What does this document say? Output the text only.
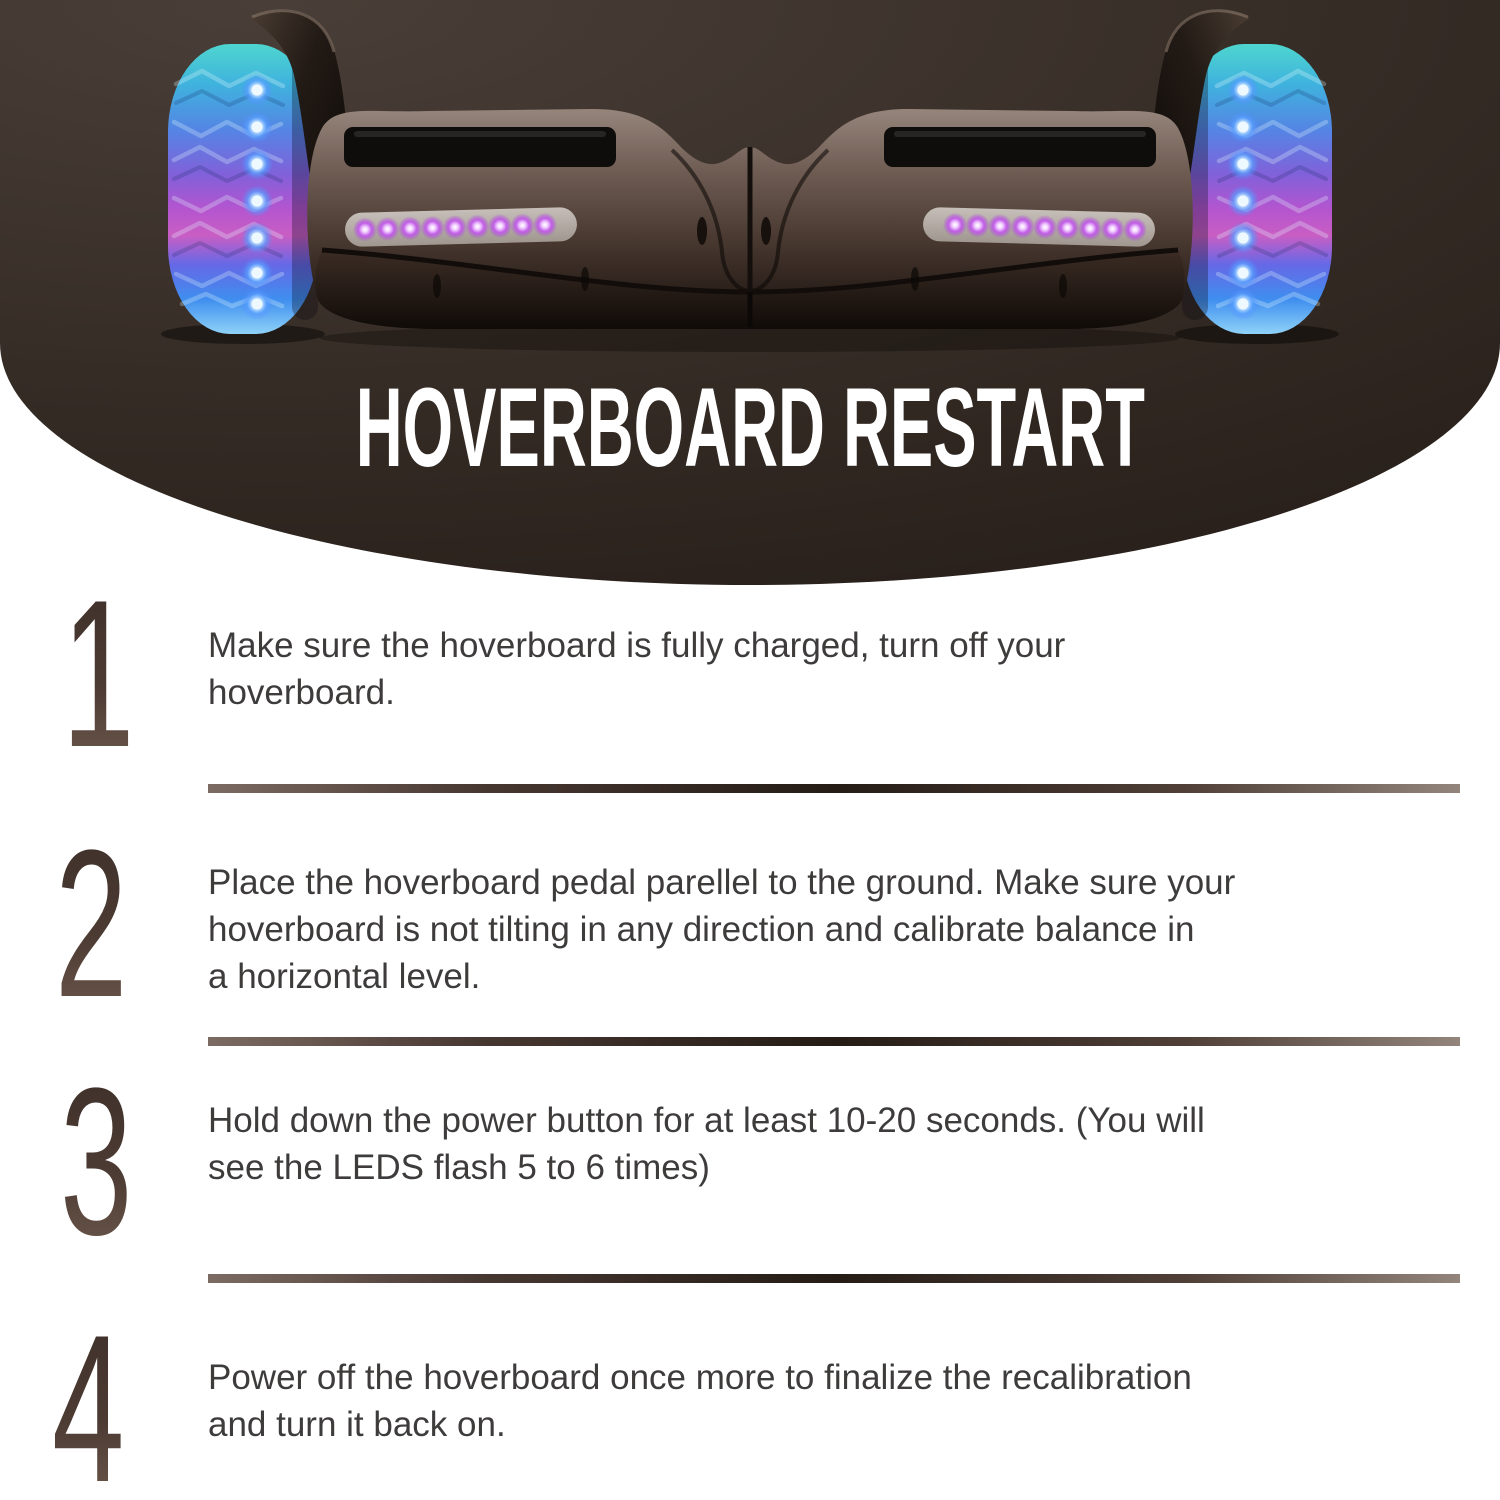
HOVERBOARD RESTART
1 Make sure the hoverboard is fully charged, turn off your
hoverboard.
2 Place the hoverboard pedal parellel to the ground. Make sure your
hoverboard is not tilting in any direction and calibrate balance in
a horizontal level.
3 Hold down the power button for at least 10-20 seconds. (You will
see the LEDS flash 5 to 6 times)
4 Power off the hoverboard once more to finalize the recalibration
and turn it back on.
